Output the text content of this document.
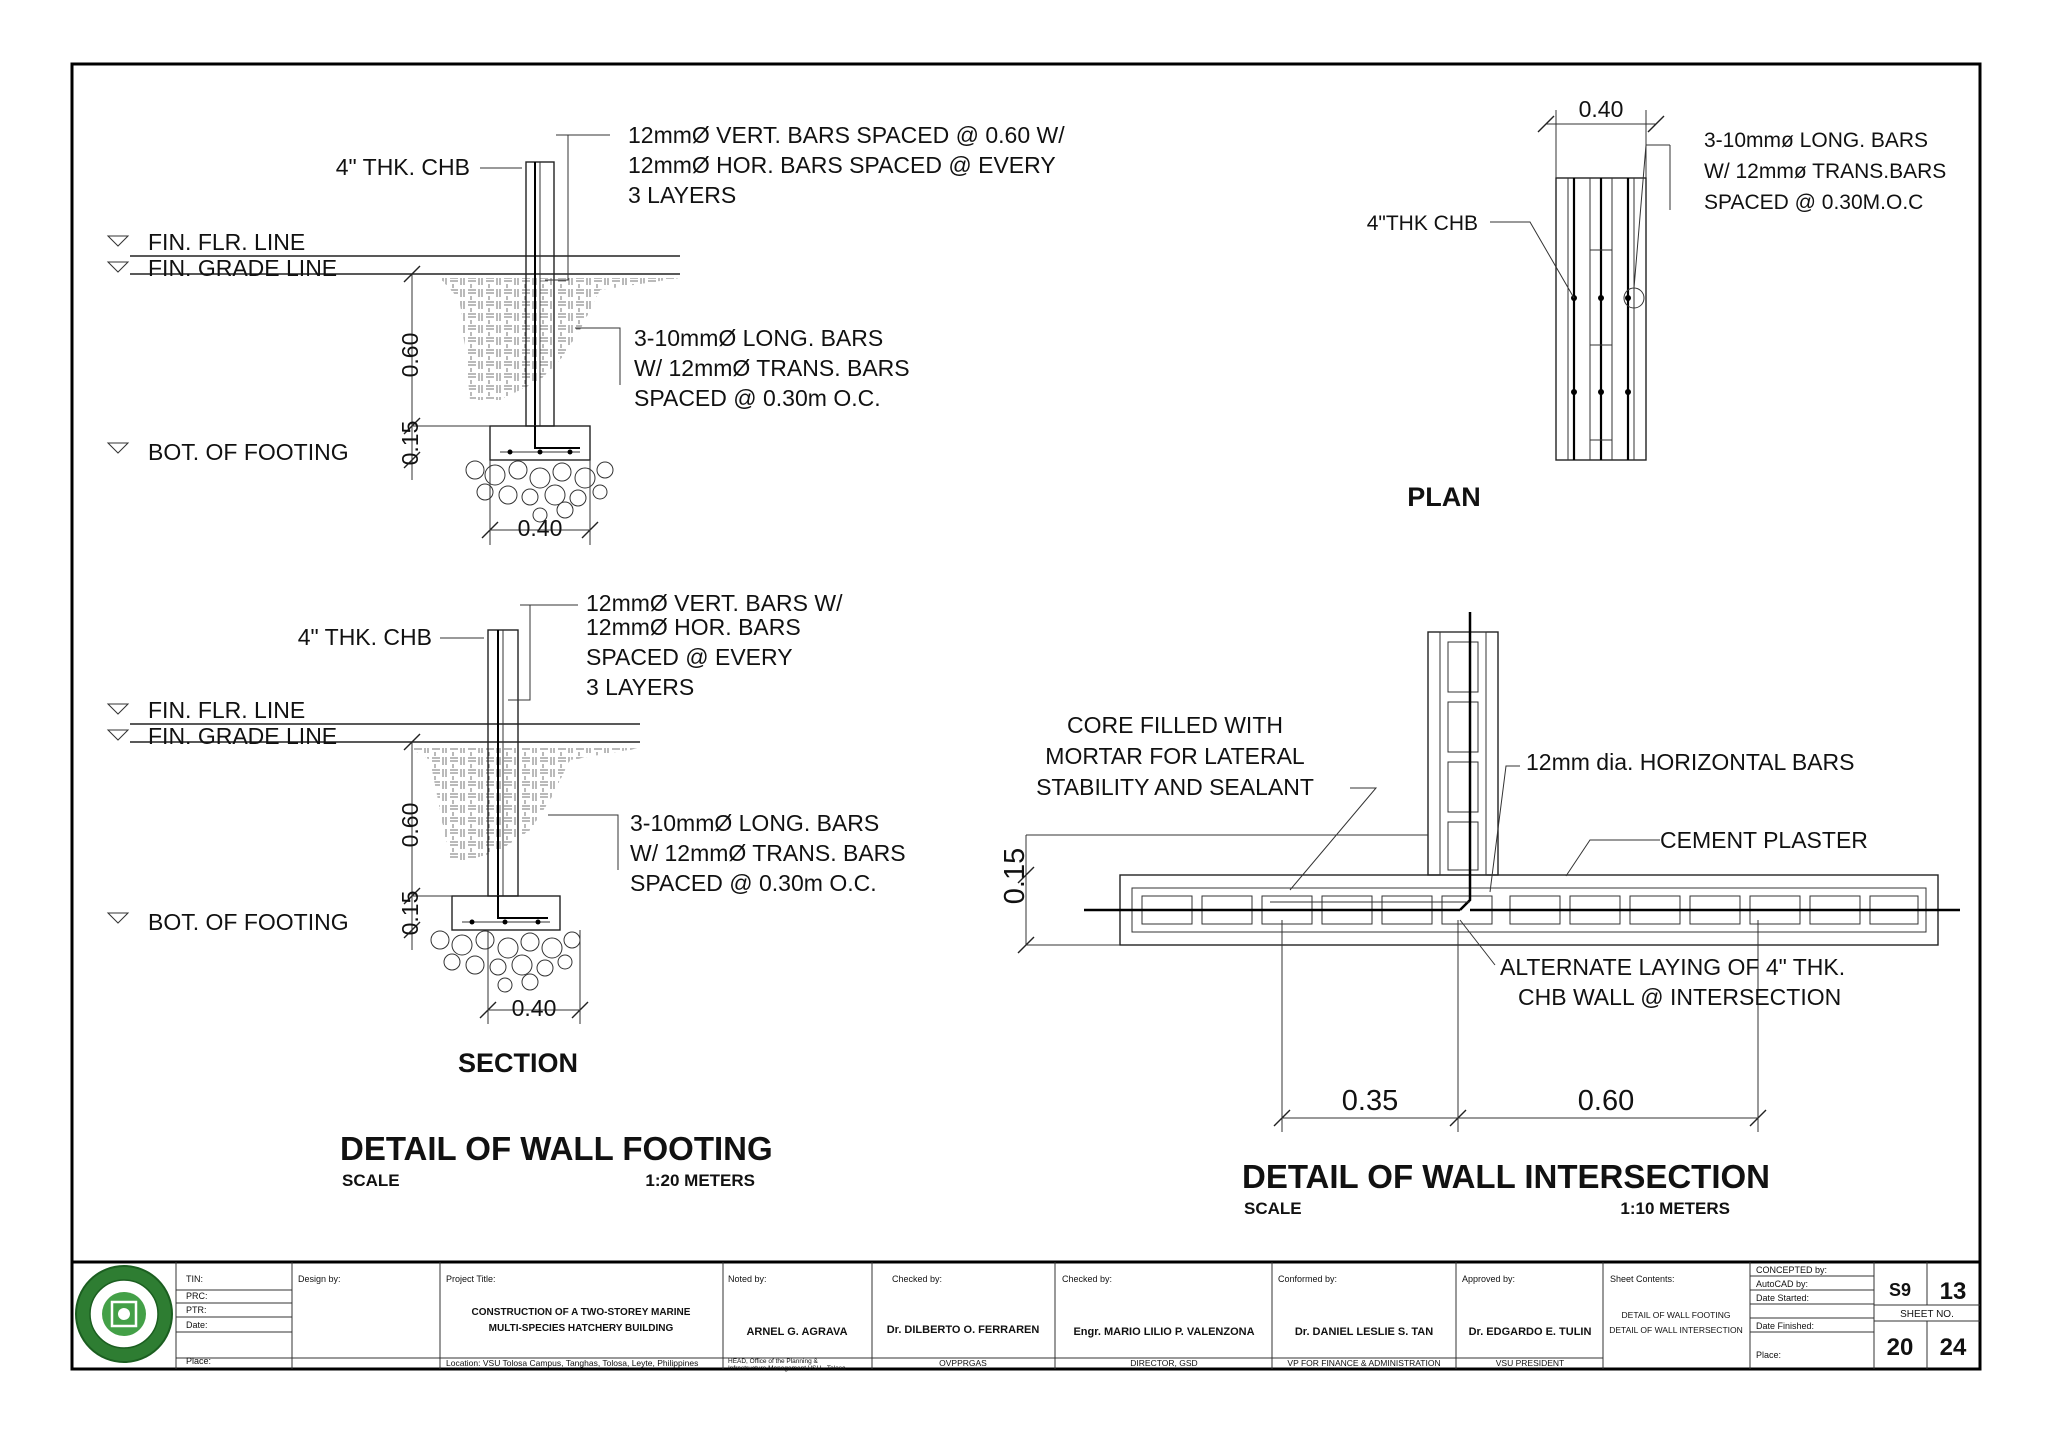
4" THK. CHB
12mmØ VERT. BARS SPACED @ 0.60 W/
12mmØ HOR. BARS SPACED @ EVERY
3 LAYERS
FIN. FLR. LINE
FIN. GRADE LINE
3-10mmØ LONG. BARS
W/ 12mmØ TRANS. BARS
SPACED @ 0.30m O.C.
BOT. OF FOOTING
0.60
0.15
0.40
4" THK. CHB
12mmØ VERT. BARS W/
12mmØ HOR. BARS
SPACED @ EVERY
3 LAYERS
FIN. FLR. LINE
FIN. GRADE LINE
3-10mmØ LONG. BARS
W/ 12mmØ TRANS. BARS
SPACED @ 0.30m O.C.
BOT. OF FOOTING
0.60
0.15
0.40
SECTION
DETAIL OF WALL FOOTING
SCALE	1:20 METERS
0.40
3-10mmø LONG. BARS
W/ 12mmø TRANS.BARS
SPACED @ 0.30M.O.C
4"THK CHB
PLAN
CORE FILLED WITH
MORTAR FOR LATERAL
STABILITY AND SEALANT
12mm dia. HORIZONTAL BARS
CEMENT PLASTER
0.15
ALTERNATE LAYING OF 4" THK.
CHB WALL @ INTERSECTION
0.35	0.60
DETAIL OF WALL INTERSECTION
SCALE	1:10 METERS
TIN:
PRC:
PTR:
Date:
Place:
Design by:	Project Title:
CONSTRUCTION OF A TWO-STOREY MARINE
MULTI-SPECIES HATCHERY BUILDING
Location: VSU Tolosa Campus, Tanghas, Tolosa, Leyte, Philippines
Noted by:
ARNEL G. AGRAVA
HEAD, Office of the Planning &
Infrastructure Management VSU - Tolosa
Checked by:
Dr. DILBERTO O. FERRAREN
OVPPRGAS
Checked by:
Engr. MARIO LILIO P. VALENZONA
DIRECTOR, GSD
Conformed by:
Dr. DANIEL LESLIE S. TAN
VP FOR FINANCE & ADMINISTRATION
Approved by:
Dr. EDGARDO E. TULIN
VSU PRESIDENT
Sheet Contents:
DETAIL OF WALL FOOTING
DETAIL OF WALL INTERSECTION
CONCEPTED by:
AutoCAD by:
Date Started:
Date Finished:
Place:
S9 13
SHEET NO.
20 24
